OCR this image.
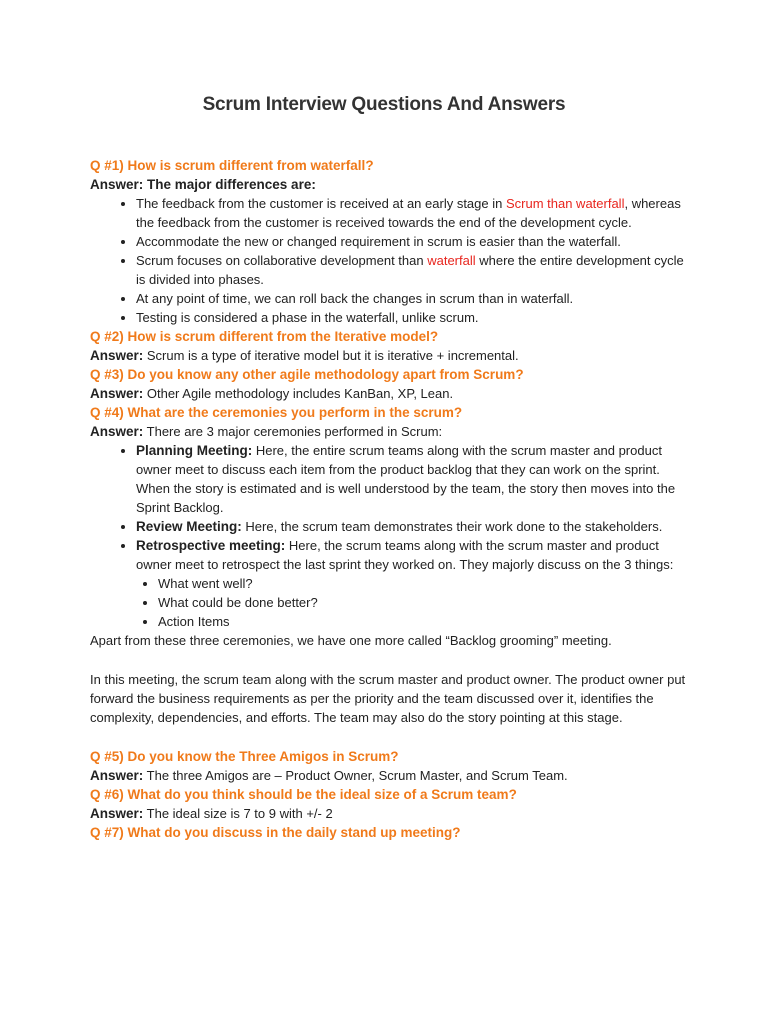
Scrum Interview Questions And Answers

Q #1) How is scrum different from waterfall?

Answer: The major differences are:

• The feedback from the customer is received at an early stage in Scrum than waterfall, whereas the feedback from the customer is received towards the end of the development cycle.
• Accommodate the new or changed requirement in scrum is easier than the waterfall.
• Scrum focuses on collaborative development than waterfall where the entire development cycle is divided into phases.
• At any point of time, we can roll back the changes in scrum than in waterfall.
• Testing is considered a phase in the waterfall, unlike scrum.

Q #2) How is scrum different from the Iterative model?

Answer: Scrum is a type of iterative model but it is iterative + incremental.

Q #3) Do you know any other agile methodology apart from Scrum?

Answer: Other Agile methodology includes KanBan, XP, Lean.

Q #4) What are the ceremonies you perform in the scrum?

Answer: There are 3 major ceremonies performed in Scrum:

• Planning Meeting: Here, the entire scrum teams along with the scrum master and product owner meet to discuss each item from the product backlog that they can work on the sprint. When the story is estimated and is well understood by the team, the story then moves into the Sprint Backlog.
• Review Meeting: Here, the scrum team demonstrates their work done to the stakeholders.
• Retrospective meeting: Here, the scrum teams along with the scrum master and product owner meet to retrospect the last sprint they worked on. They majorly discuss on the 3 things:
• What went well?
• What could be done better?
• Action Items

Apart from these three ceremonies, we have one more called “Backlog grooming” meeting.

In this meeting, the scrum team along with the scrum master and product owner. The product owner put forward the business requirements as per the priority and the team discussed over it, identifies the complexity, dependencies, and efforts. The team may also do the story pointing at this stage.

Q #5) Do you know the Three Amigos in Scrum?

Answer: The three Amigos are – Product Owner, Scrum Master, and Scrum Team.

Q #6) What do you think should be the ideal size of a Scrum team?

Answer: The ideal size is 7 to 9 with +/- 2

Q #7) What do you discuss in the daily stand up meeting?
